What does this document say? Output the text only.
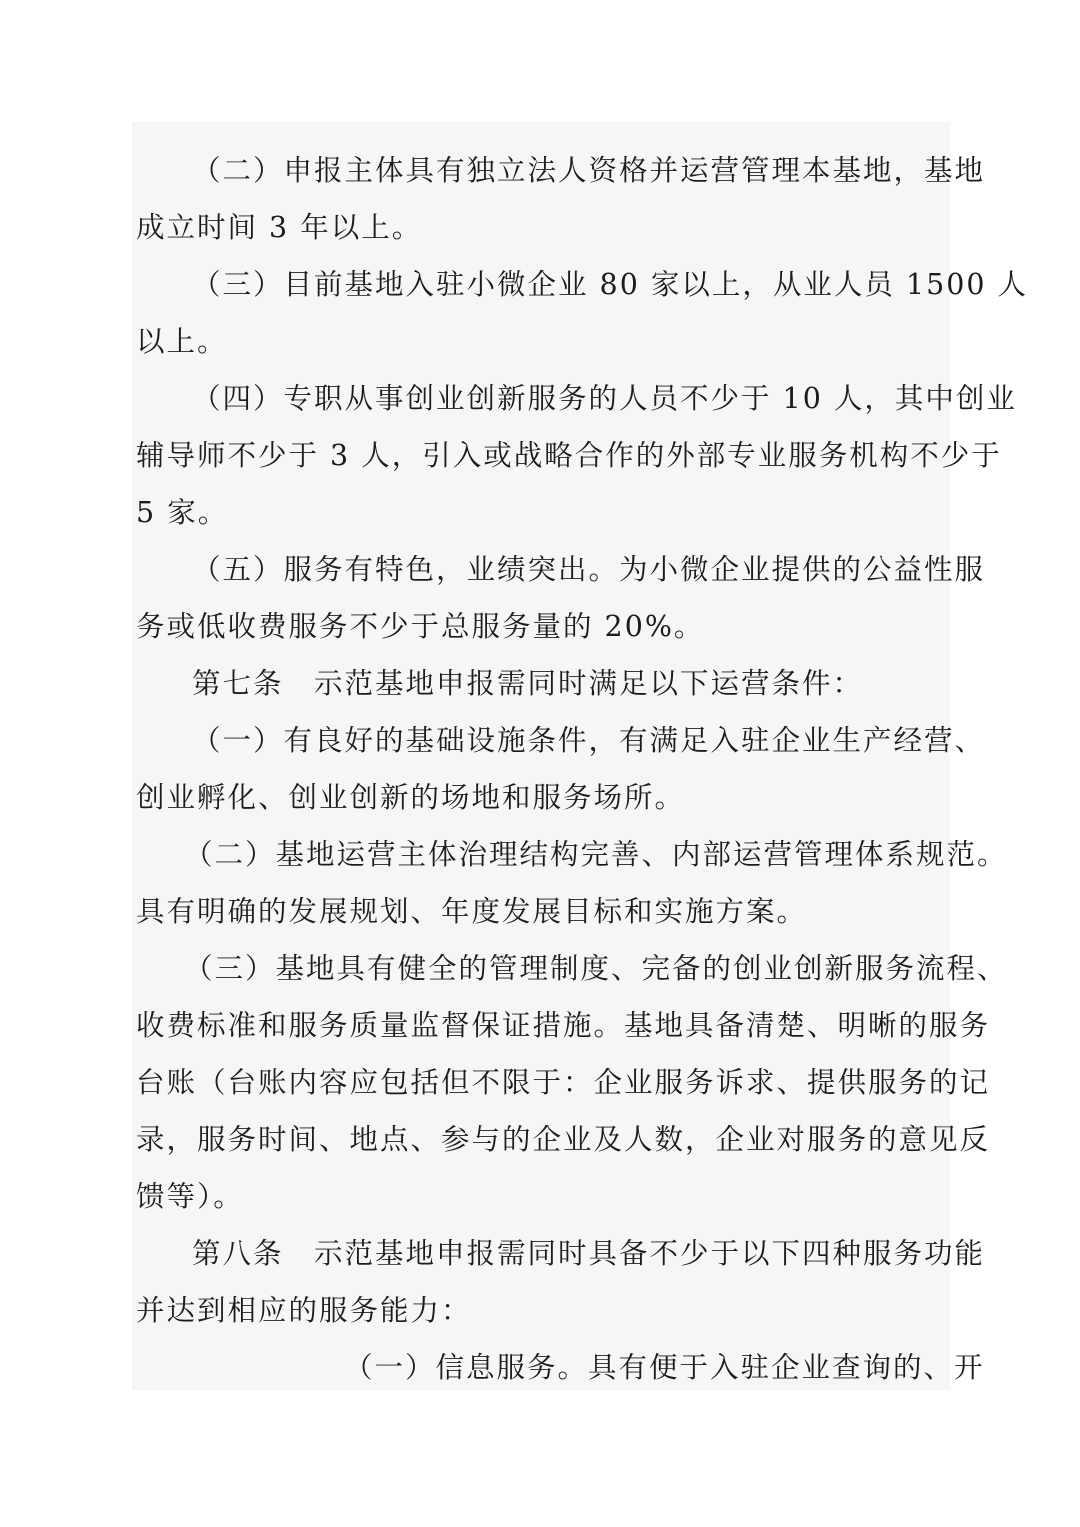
（二）申报主体具有独立法人资格并运营管理本基地，基地
成立时间 3 年以上。
（三）目前基地入驻小微企业 80 家以上，从业人员 1500 人
以上。
（四）专职从事创业创新服务的人员不少于 10 人，其中创业
辅导师不少于 3 人，引入或战略合作的外部专业服务机构不少于
5 家。
（五）服务有特色，业绩突出。为小微企业提供的公益性服
务或低收费服务不少于总服务量的 20%。
第七条　示范基地申报需同时满足以下运营条件：
（一）有良好的基础设施条件，有满足入驻企业生产经营、
创业孵化、创业创新的场地和服务场所。
（二）基地运营主体治理结构完善、内部运营管理体系规范。
具有明确的发展规划、年度发展目标和实施方案。
（三）基地具有健全的管理制度、完备的创业创新服务流程、
收费标准和服务质量监督保证措施。基地具备清楚、明晰的服务
台账（台账内容应包括但不限于：企业服务诉求、提供服务的记
录，服务时间、地点、参与的企业及人数，企业对服务的意见反
馈等）。
第八条　示范基地申报需同时具备不少于以下四种服务功能
并达到相应的服务能力：
（一）信息服务。具有便于入驻企业查询的、开
